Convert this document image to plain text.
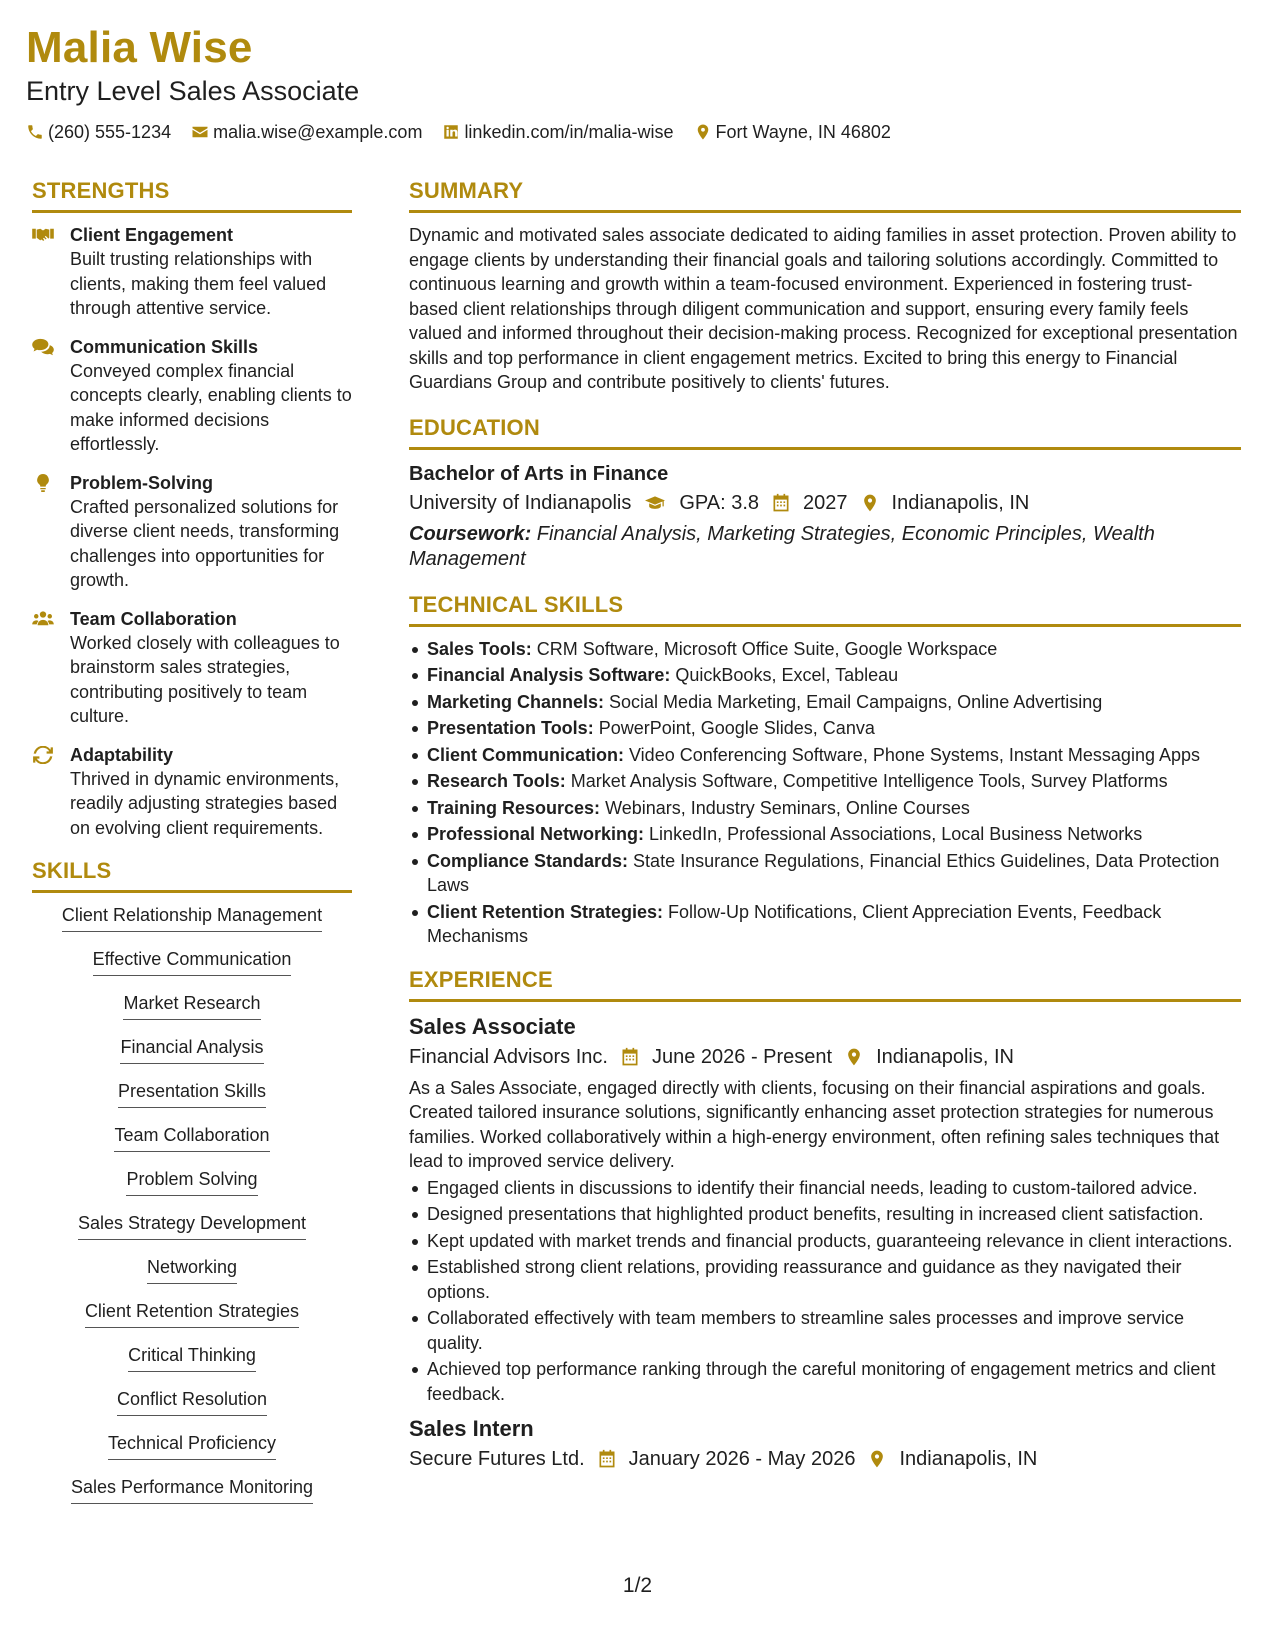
Malia Wise
Entry Level Sales Associate
(260) 555-1234 malia.wise@example.com linkedin.com/in/malia-wise Fort Wayne, IN 46802
STRENGTHS
Client Engagement
Built trusting relationships with clients, making them feel valued through attentive service.
Communication Skills
Conveyed complex financial concepts clearly, enabling clients to make informed decisions effortlessly.
Problem-Solving
Crafted personalized solutions for diverse client needs, transforming challenges into opportunities for growth.
Team Collaboration
Worked closely with colleagues to brainstorm sales strategies, contributing positively to team culture.
Adaptability
Thrived in dynamic environments, readily adjusting strategies based on evolving client requirements.
SKILLS
Client Relationship Management
Effective Communication
Market Research
Financial Analysis
Presentation Skills
Team Collaboration
Problem Solving
Sales Strategy Development
Networking
Client Retention Strategies
Critical Thinking
Conflict Resolution
Technical Proficiency
Sales Performance Monitoring
SUMMARY
Dynamic and motivated sales associate dedicated to aiding families in asset protection. Proven ability to engage clients by understanding their financial goals and tailoring solutions accordingly. Committed to continuous learning and growth within a team-focused environment. Experienced in fostering trust-based client relationships through diligent communication and support, ensuring every family feels valued and informed throughout their decision-making process. Recognized for exceptional presentation skills and top performance in client engagement metrics. Excited to bring this energy to Financial Guardians Group and contribute positively to clients' futures.
EDUCATION
Bachelor of Arts in Finance
University of Indianapolis GPA: 3.8 2027 Indianapolis, IN
Coursework: Financial Analysis, Marketing Strategies, Economic Principles, Wealth Management
TECHNICAL SKILLS
Sales Tools: CRM Software, Microsoft Office Suite, Google Workspace
Financial Analysis Software: QuickBooks, Excel, Tableau
Marketing Channels: Social Media Marketing, Email Campaigns, Online Advertising
Presentation Tools: PowerPoint, Google Slides, Canva
Client Communication: Video Conferencing Software, Phone Systems, Instant Messaging Apps
Research Tools: Market Analysis Software, Competitive Intelligence Tools, Survey Platforms
Training Resources: Webinars, Industry Seminars, Online Courses
Professional Networking: LinkedIn, Professional Associations, Local Business Networks
Compliance Standards: State Insurance Regulations, Financial Ethics Guidelines, Data Protection Laws
Client Retention Strategies: Follow-Up Notifications, Client Appreciation Events, Feedback Mechanisms
EXPERIENCE
Sales Associate
Financial Advisors Inc. June 2026 - Present Indianapolis, IN
As a Sales Associate, engaged directly with clients, focusing on their financial aspirations and goals. Created tailored insurance solutions, significantly enhancing asset protection strategies for numerous families. Worked collaboratively within a high-energy environment, often refining sales techniques that lead to improved service delivery.
Engaged clients in discussions to identify their financial needs, leading to custom-tailored advice.
Designed presentations that highlighted product benefits, resulting in increased client satisfaction.
Kept updated with market trends and financial products, guaranteeing relevance in client interactions.
Established strong client relations, providing reassurance and guidance as they navigated their options.
Collaborated effectively with team members to streamline sales processes and improve service quality.
Achieved top performance ranking through the careful monitoring of engagement metrics and client feedback.
Sales Intern
Secure Futures Ltd. January 2026 - May 2026 Indianapolis, IN
1/2
